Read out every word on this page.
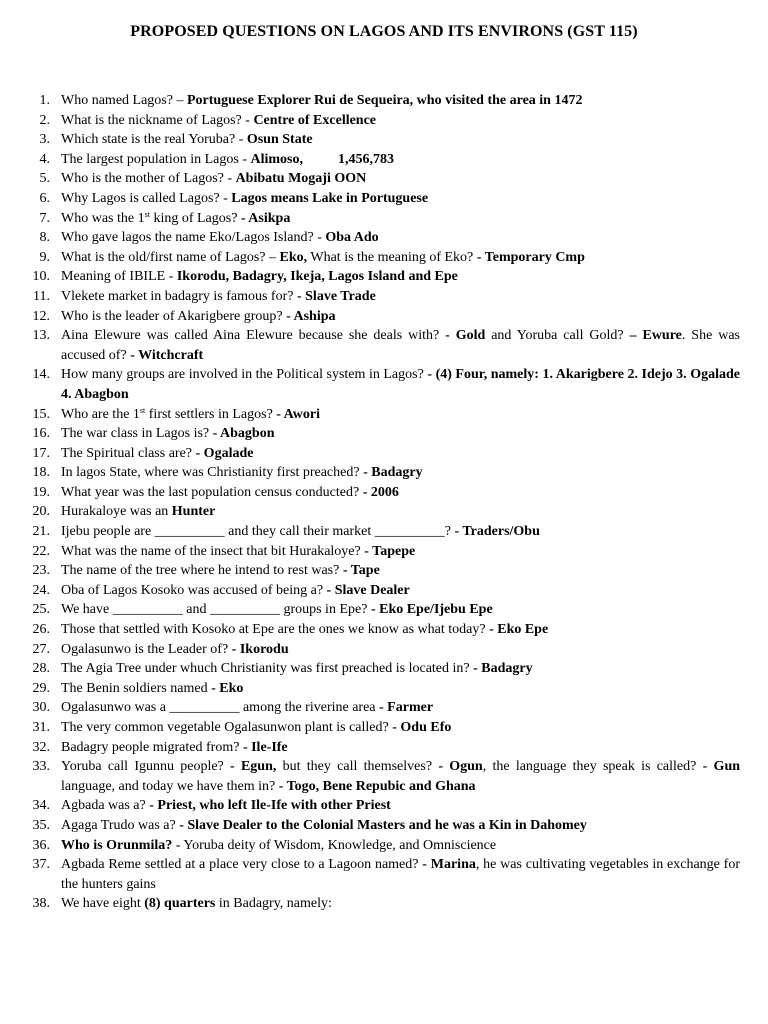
PROPOSED QUESTIONS ON LAGOS AND ITS ENVIRONS (GST 115)
1. Who named Lagos? – Portuguese Explorer Rui de Sequeira, who visited the area in 1472
2. What is the nickname of Lagos? - Centre of Excellence
3. Which state is the real Yoruba? - Osun State
4. The largest population in Lagos - Alimoso,	1,456,783
5. Who is the mother of Lagos? - Abibatu Mogaji OON
6. Why Lagos is called Lagos? - Lagos means Lake in Portuguese
7. Who was the 1st king of Lagos? - Asikpa
8. Who gave lagos the name Eko/Lagos Island? - Oba Ado
9. What is the old/first name of Lagos? – Eko, What is the meaning of Eko? - Temporary Cmp
10. Meaning of IBILE - Ikorodu, Badagry, Ikeja, Lagos Island and Epe
11. Vlekete market in badagry is famous for? - Slave Trade
12. Who is the leader of Akarigbere group? - Ashipa
13. Aina Elewure was called Aina Elewure because she deals with? - Gold and Yoruba call Gold? – Ewure. She was accused of? - Witchcraft
14. How many groups are involved in the Political system in Lagos? - (4) Four, namely: 1. Akarigbere 2. Idejo 3. Ogalade 4. Abagbon
15. Who are the 1st first settlers in Lagos? - Awori
16. The war class in Lagos is? - Abagbon
17. The Spiritual class are? - Ogalade
18. In lagos State, where was Christianity first preached? - Badagry
19. What year was the last population census conducted? - 2006
20. Hurakaloye was an Hunter
21. Ijebu people are __________ and they call their market __________? - Traders/Obu
22. What was the name of the insect that bit Hurakaloye? - Tapepe
23. The name of the tree where he intend to rest was? - Tape
24. Oba of Lagos Kosoko was accused of being a? - Slave Dealer
25. We have __________ and __________ groups in Epe? - Eko Epe/Ijebu Epe
26. Those that settled with Kosoko at Epe are the ones we know as what today? - Eko Epe
27. Ogalasunwo is the Leader of? - Ikorodu
28. The Agia Tree under whuch Christianity was first preached is located in? - Badagry
29. The Benin soldiers named - Eko
30. Ogalasunwo was a __________ among the riverine area - Farmer
31. The very common vegetable Ogalasunwon plant is called? - Odu Efo
32. Badagry people migrated from? - Ile-Ife
33. Yoruba call Igunnu people? - Egun, but they call themselves? - Ogun, the language they speak is called? - Gun language, and today we have them in? - Togo, Bene Repubic and Ghana
34. Agbada was a? - Priest, who left Ile-Ife with other Priest
35. Agaga Trudo was a? - Slave Dealer to the Colonial Masters and he was a Kin in Dahomey
36. Who is Orunmila? - Yoruba deity of Wisdom, Knowledge, and Omniscience
37. Agbada Reme settled at a place very close to a Lagoon named? - Marina, he was cultivating vegetables in exchange for the hunters gains
38. We have eight (8) quarters in Badagry, namely:
